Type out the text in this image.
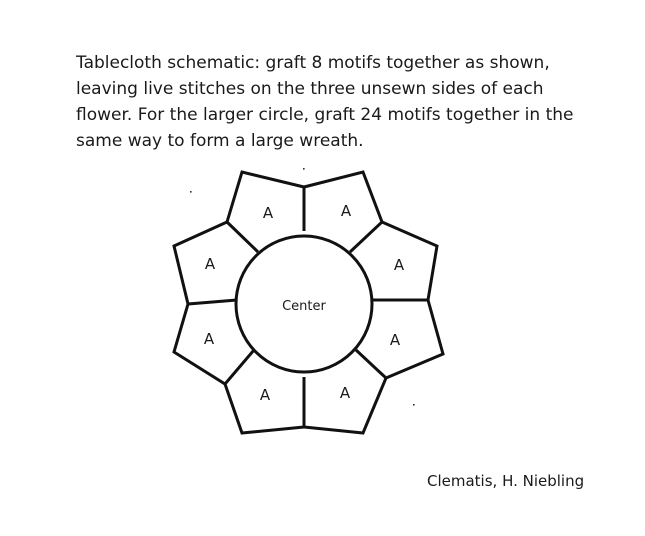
Tablecloth schematic: graft 8 motifs together as shown,
leaving live stitches on the three unsewn sides of each
flower. For the larger circle, graft 24 motifs together in the
same way to form a large wreath.

Center
A	A
A	A
A	A
A	A
Clematis, H. Niebling
